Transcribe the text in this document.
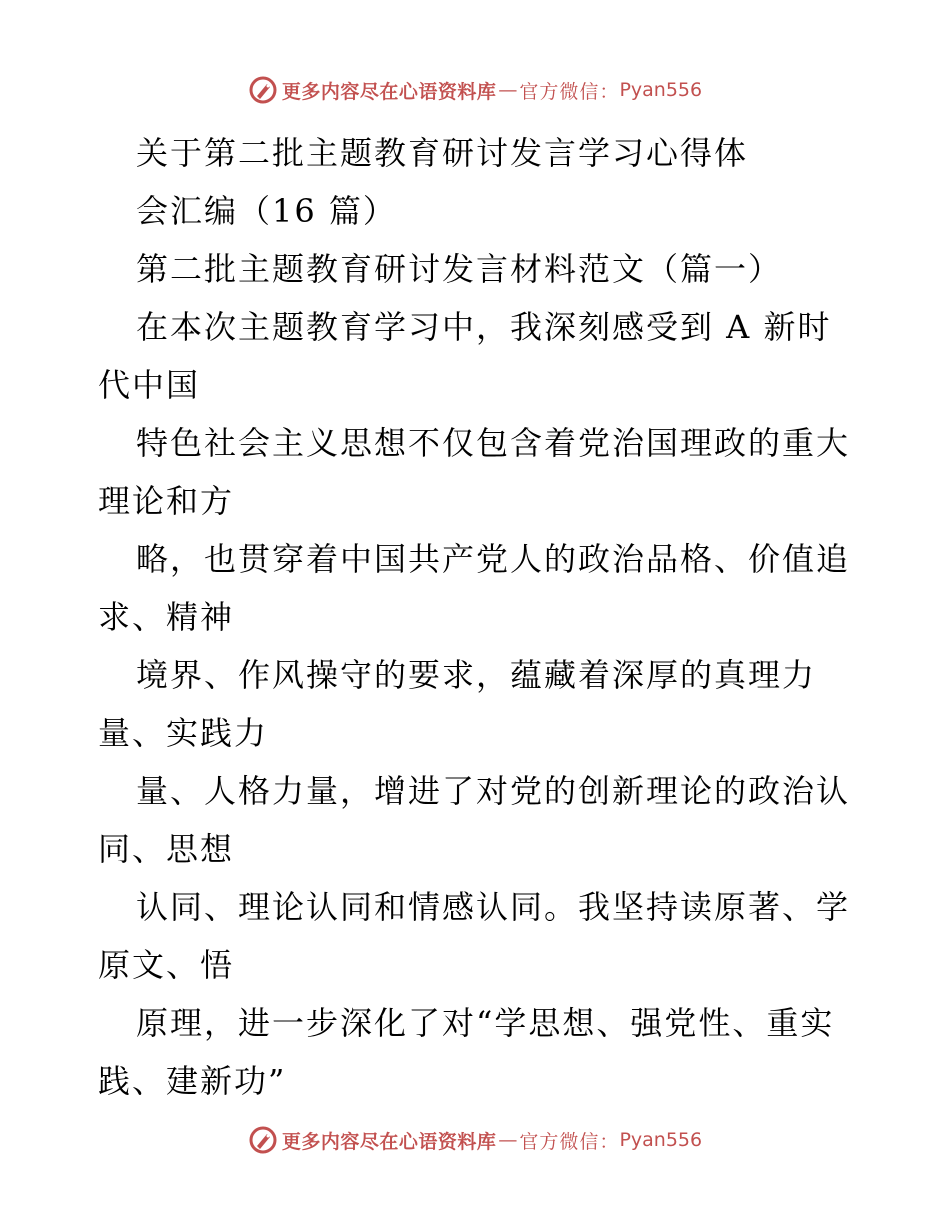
更多内容尽在心语资料库 — 官方微信： Pyan556
关于第二批主题教育研讨发言学习心得体
会汇编（16 篇）
第二批主题教育研讨发言材料范文（篇一）
在本次主题教育学习中，我深刻感受到 A 新时
代中国
特色社会主义思想不仅包含着党治国理政的重大
理论和方
略，也贯穿着中国共产党人的政治品格、价值追
求、精神
境界、作风操守的要求，蕴藏着深厚的真理力
量、实践力
量、人格力量，增进了对党的创新理论的政治认
同、思想
认同、理论认同和情感认同。我坚持读原著、学
原文、悟
原理，进一步深化了对“学思想、强党性、重实
践、建新功”
更多内容尽在心语资料库 — 官方微信： Pyan556
